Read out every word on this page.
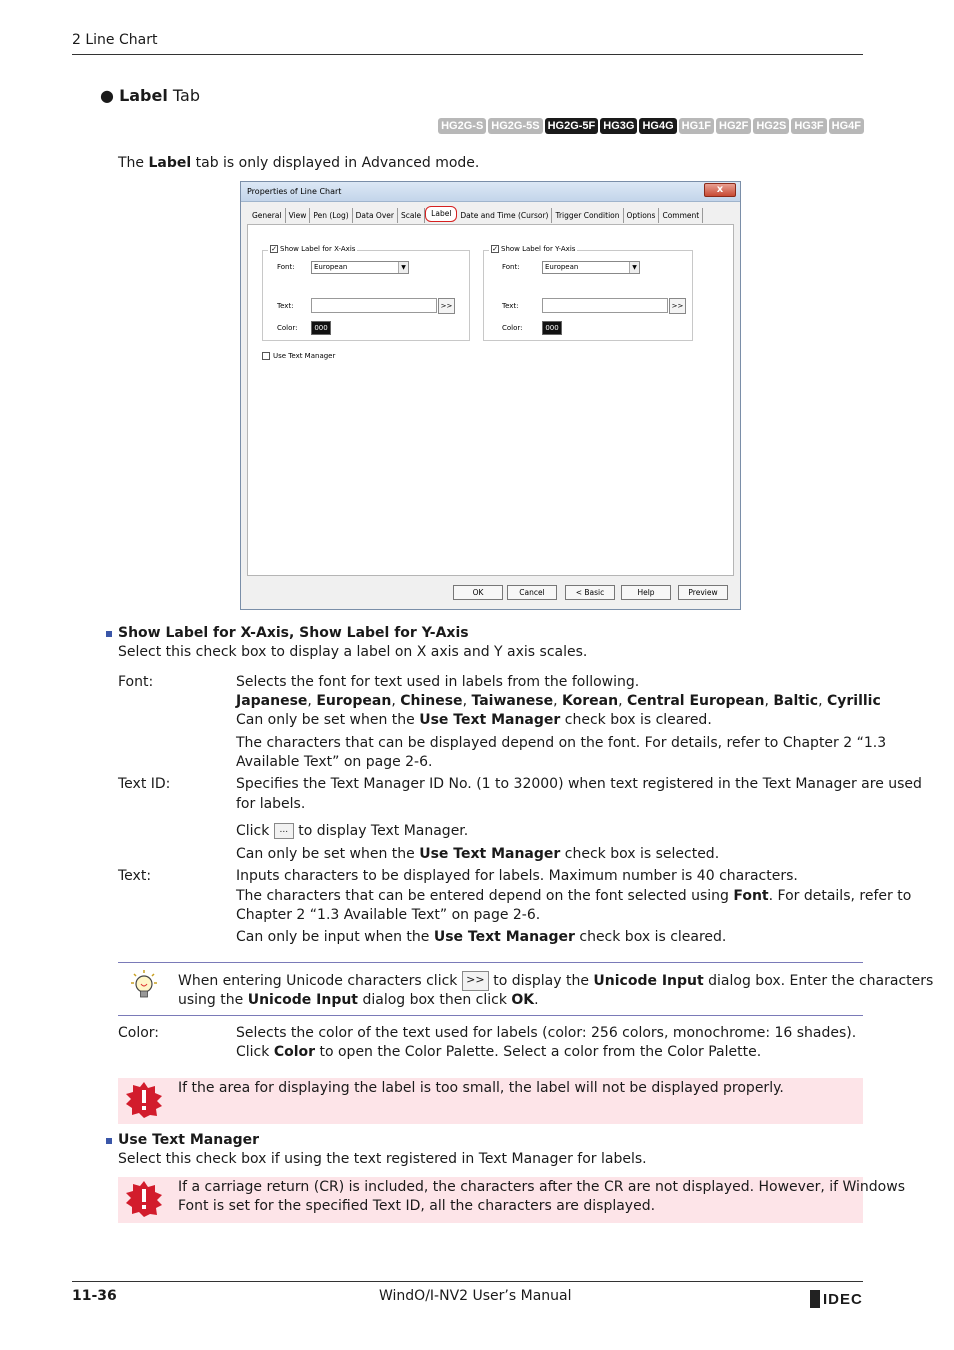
2 Line Chart
● Label Tab
HG2G-S HG2G-5S HG2G-5F HG3G HG4G HG1F HG2F HG2S HG3F HG4F
The Label tab is only displayed in Advanced mode.
Properties of Line Chart	x
General View Pen (Log) Data Over Scale	Label	Date and Time (Cursor) Trigger Condition Options Comment
✓ Show Label for X-Axis
Font:	European	▼
Text:	>>
Color:	000
✓ Show Label for Y-Axis
Font:	European	▼
Text:	>>
Color:	000
Use Text Manager
OK	Cancel	< Basic	Help	Preview
Show Label for X-Axis, Show Label for Y-Axis
Select this check box to display a label on X axis and Y axis scales.
Font:	Selects the font for text used in labels from the following.
Japanese, European, Chinese, Taiwanese, Korean, Central European, Baltic, Cyrillic
Can only be set when the Use Text Manager check box is cleared.
The characters that can be displayed depend on the font. For details, refer to Chapter 2 “1.3
Available Text” on page 2-6.
Text ID:	Specifies the Text Manager ID No. (1 to 32000) when text registered in the Text Manager are used
for labels.
Click ... to display Text Manager.
Can only be set when the Use Text Manager check box is selected.
Text:	Inputs characters to be displayed for labels. Maximum number is 40 characters.
The characters that can be entered depend on the font selected using Font. For details, refer to
Chapter 2 “1.3 Available Text” on page 2-6.
Can only be input when the Use Text Manager check box is cleared.
When entering Unicode characters click >> to display the Unicode Input dialog box. Enter the characters
using the Unicode Input dialog box then click OK.
Color:	Selects the color of the text used for labels (color: 256 colors, monochrome: 16 shades).
Click Color to open the Color Palette. Select a color from the Color Palette.
If the area for displaying the label is too small, the label will not be displayed properly.
Use Text Manager
Select this check box if using the text registered in Text Manager for labels.
If a carriage return (CR) is included, the characters after the CR are not displayed. However, if Windows
Font is set for the specified Text ID, all the characters are displayed.
11-36	WindO/I-NV2 User’s Manual	IDEC
